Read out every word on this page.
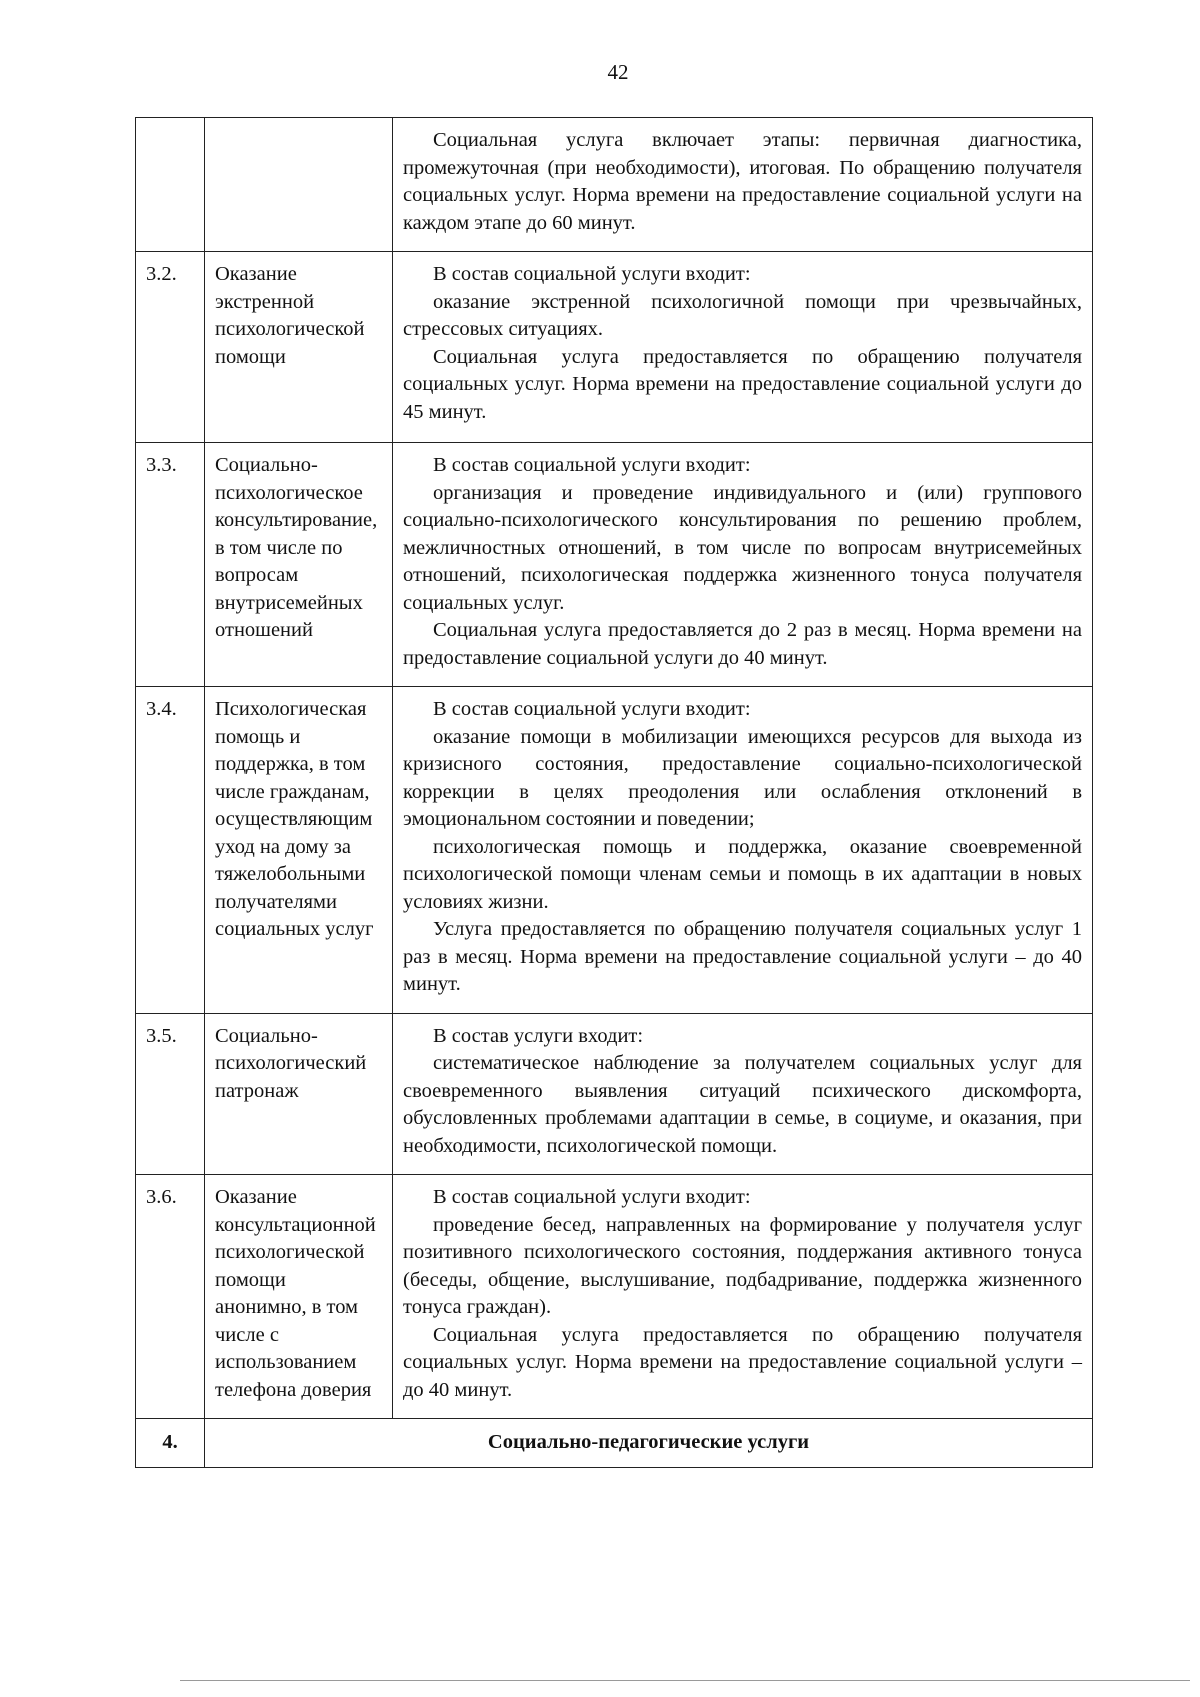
42

		Социальная услуга включает этапы: первичная диагностика, промежуточная (при необходимости), итоговая. По обращению получателя социальных услуг. Норма времени на предоставление социальной услуги на каждом этапе до 60 минут.

3.2.	Оказание экстренной психологической помощи	В состав социальной услуги входит:

оказание экстренной психологичной помощи при чрезвычайных, стрессовых ситуациях.

Социальная услуга предоставляется по обращению получателя социальных услуг. Норма времени на предоставление социальной услуги до 45 минут.

3.3.	Социально-психологическое консультирование, в том числе по вопросам внутрисемейных отношений	В состав социальной услуги входит:

организация и проведение индивидуального и (или) группового социально-психологического консультирования по решению проблем, межличностных отношений, в том числе по вопросам внутрисемейных отношений, психологическая поддержка жизненного тонуса получателя социальных услуг.

Социальная услуга предоставляется до 2 раз в месяц. Норма времени на предоставление социальной услуги до 40 минут.

3.4.	Психологическая помощь и поддержка, в том числе гражданам, осуществляющим уход на дому за тяжелобольными получателями социальных услуг	В состав социальной услуги входит:

оказание помощи в мобилизации имеющихся ресурсов для выхода из кризисного состояния, предоставление социально-психологической коррекции в целях преодоления или ослабления отклонений в эмоциональном состоянии и поведении;

психологическая помощь и поддержка, оказание своевременной психологической помощи членам семьи и помощь в их адаптации в новых условиях жизни.

Услуга предоставляется по обращению получателя социальных услуг 1 раз в месяц. Норма времени на предоставление социальной услуги – до 40 минут.

3.5.	Социально-психологический патронаж	В состав услуги входит:

систематическое наблюдение за получателем социальных услуг для своевременного выявления ситуаций психического дискомфорта, обусловленных проблемами адаптации в семье, в социуме, и оказания, при необходимости, психологической помощи.

3.6.	Оказание консультационной психологической помощи анонимно, в том числе с использованием телефона доверия	В состав социальной услуги входит:

проведение бесед, направленных на формирование у получателя услуг позитивного психологического состояния, поддержания активного тонуса (беседы, общение, выслушивание, подбадривание, поддержка жизненного тонуса граждан).

Социальная услуга предоставляется по обращению получателя социальных услуг. Норма времени на предоставление социальной услуги – до 40 минут.

4.	Социально-педагогические услуги	
